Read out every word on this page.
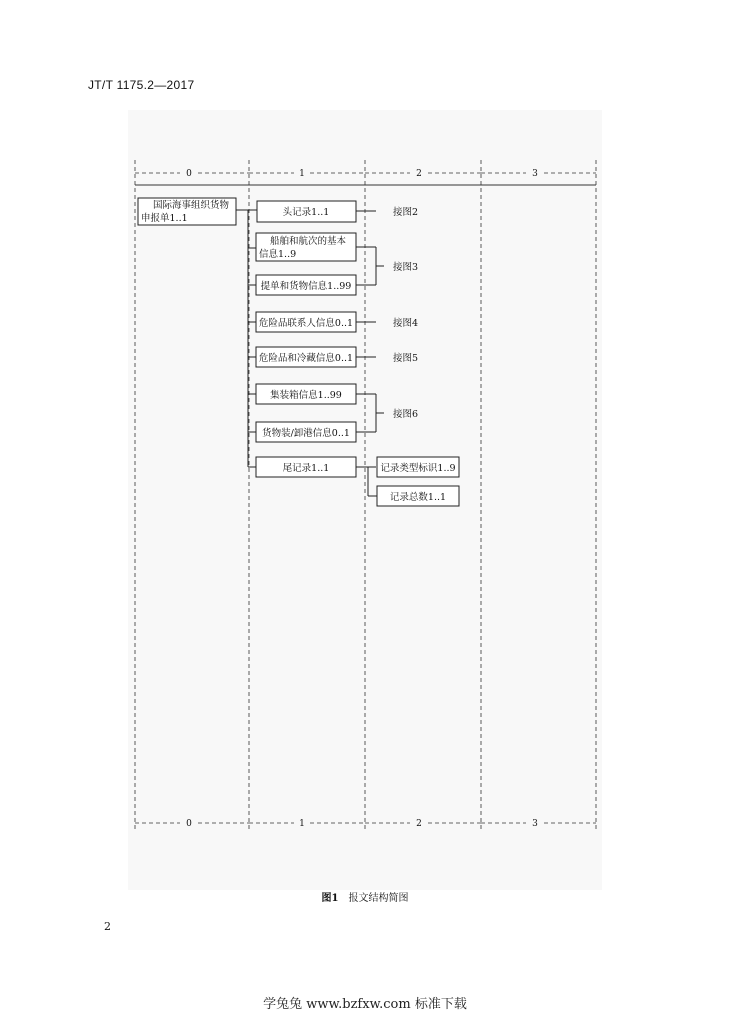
JT/T 1175.2—2017
0	1	2	3
0	1	2	3
国际海事组织货物
申报单1..1
头记录1..1
船舶和航次的基本
信息1..9
提单和货物信息1..99
危险品联系人信息0..1
危险品和冷藏信息0..1
集装箱信息1..99
货物装/卸港信息0..1
尾记录1..1	记录类型标识1..9
记录总数1..1
接图2
接图3
接图4
接图5
接图6
图1 报文结构简图
2
学兔兔 www.bzfxw.com 标准下载
